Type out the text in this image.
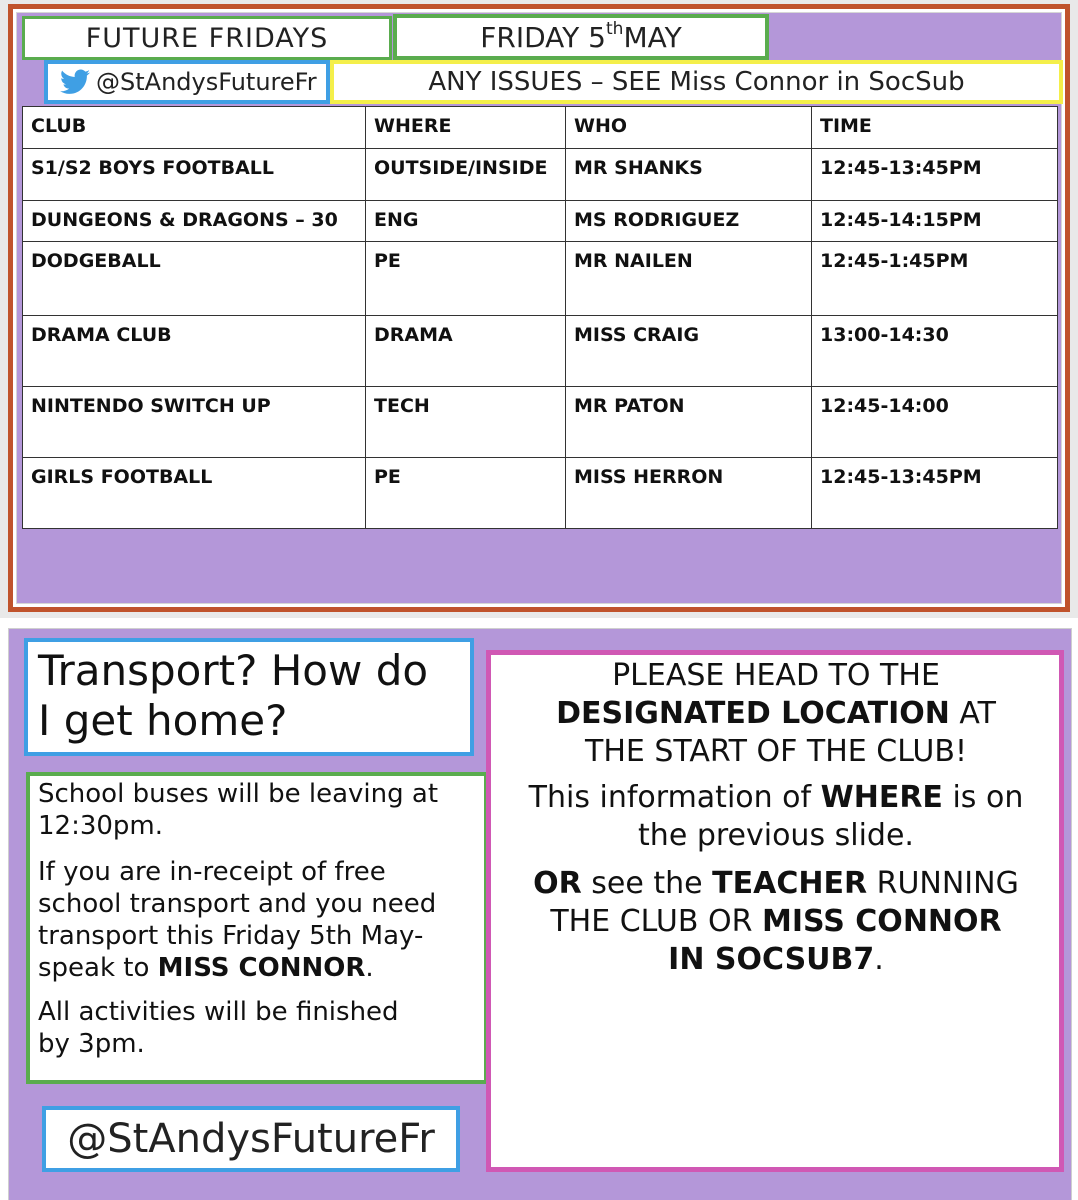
FUTURE FRIDAYS	FRIDAY 5th MAY
@StAndysFutureFr	ANY ISSUES – SEE Miss Connor in SocSub
CLUB	WHERE	WHO	TIME
S1/S2 BOYS FOOTBALL	OUTSIDE/INSIDE	MR SHANKS	12:45-13:45PM
DUNGEONS & DRAGONS – 30	ENG	MS RODRIGUEZ	12:45-14:15PM
DODGEBALL	PE	MR NAILEN	12:45-1:45PM
DRAMA CLUB	DRAMA	MISS CRAIG	13:00-14:30
NINTENDO SWITCH UP	TECH	MR PATON	12:45-14:00
GIRLS FOOTBALL	PE	MISS HERRON	12:45-13:45PM
Transport? How do
I get home?
School buses will be leaving at
12:30pm.
If you are in-receipt of free
school transport and you need
transport this Friday 5th May-
speak to MISS CONNOR.
All activities will be finished
by 3pm.
@StAndysFutureFr
PLEASE HEAD TO THE
DESIGNATED LOCATION AT
THE START OF THE CLUB!
This information of WHERE is on
the previous slide.
OR see the TEACHER RUNNING
THE CLUB OR MISS CONNOR
IN SOCSUB7.
